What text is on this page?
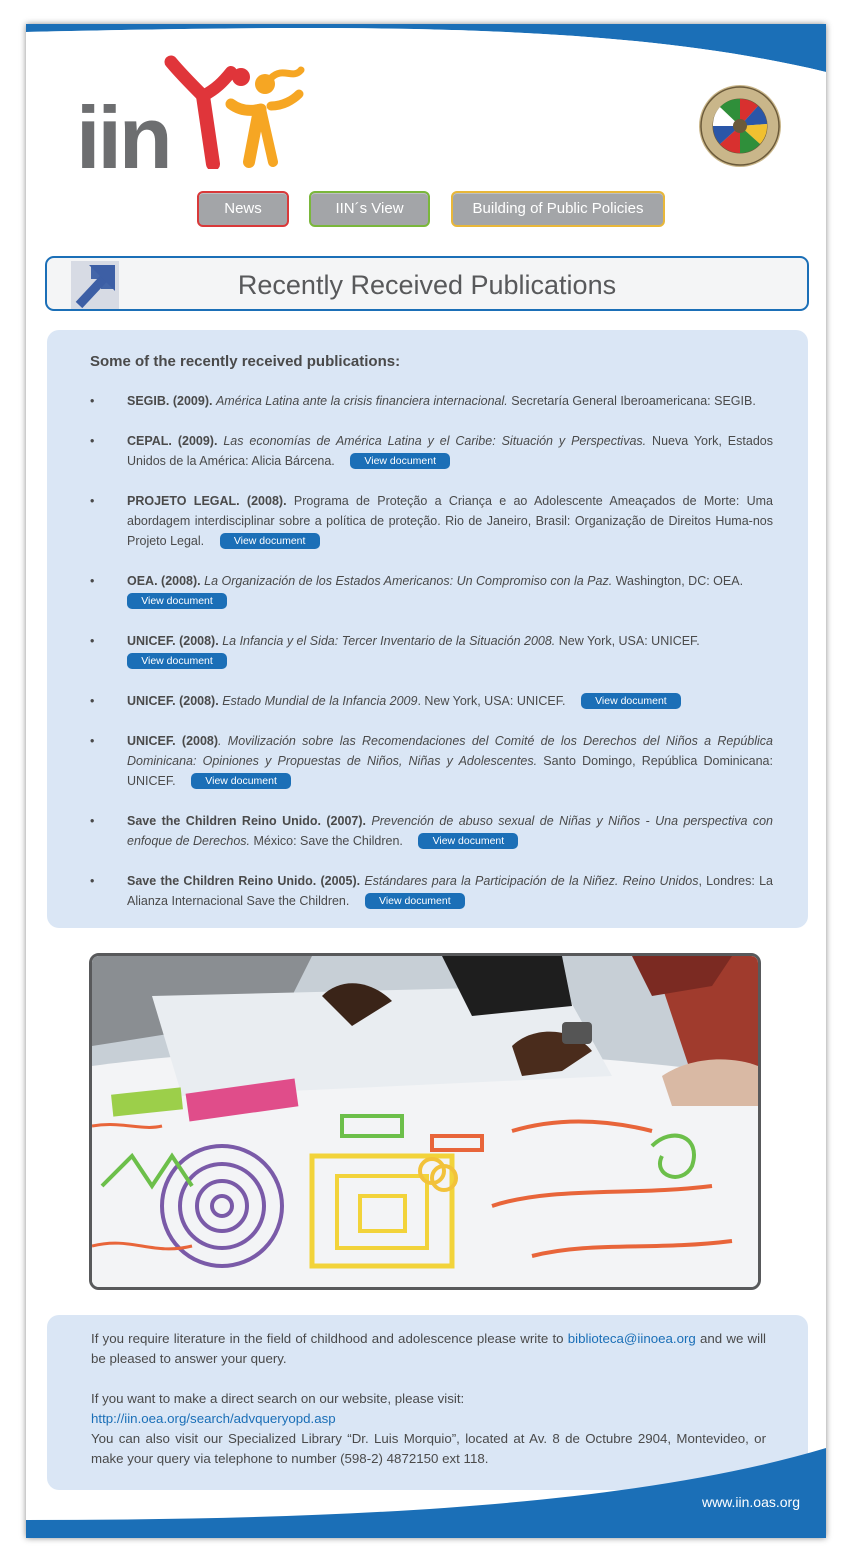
iin
News	IIN´s View	Building of Public Policies
Recently Received Publications
Some of the recently received publications:
•	SEGIB. (2009). América Latina ante la crisis financiera internacional. Secretaría General Iberoamericana: SEGIB.
•	CEPAL. (2009). Las economías de América Latina y el Caribe: Situación y Perspectivas. Nueva York, Estados Unidos de la América: Alicia Bárcena.	View document
•	PROJETO LEGAL. (2008). Programa de Proteção a Criança e ao Adolescente Ameaçados de Morte: Uma abordagem interdisciplinar sobre a política de proteção. Rio de Janeiro, Brasil: Organização de Direitos Huma-nos Projeto Legal.	View document
•	OEA. (2008). La Organización de los Estados Americanos: Un Compromiso con la Paz. Washington, DC: OEA.
View document
•	UNICEF. (2008). La Infancia y el Sida: Tercer Inventario de la Situación 2008. New York, USA: UNICEF.
View document
•	UNICEF. (2008). Estado Mundial de la Infancia 2009. New York, USA: UNICEF.	View document
•	UNICEF. (2008). Movilización sobre las Recomendaciones del Comité de los Derechos del Niños a República Dominicana: Opiniones y Propuestas de Niños, Niñas y Adolescentes. Santo Domingo, República Dominicana: UNICEF.	View document
•	Save the Children Reino Unido. (2007). Prevención de abuso sexual de Niñas y Niños - Una perspectiva con enfoque de Derechos. México: Save the Children.	View document
•	Save the Children Reino Unido. (2005). Estándares para la Participación de la Niñez. Reino Unidos, Londres: La Alianza Internacional Save the Children.	View document

If you require literature in the field of childhood and adolescence please write to biblioteca@iinoea.org and we will be pleased to answer your query.

If you want to make a direct search on our website, please visit:
http://iin.oea.org/search/advqueryopd.asp
You can also visit our Specialized Library “Dr. Luis Morquio”, located at Av. 8 de Octubre 2904, Montevideo, or make your query via telephone to number (598-2) 4872150 ext 118.

www.iin.oas.org
